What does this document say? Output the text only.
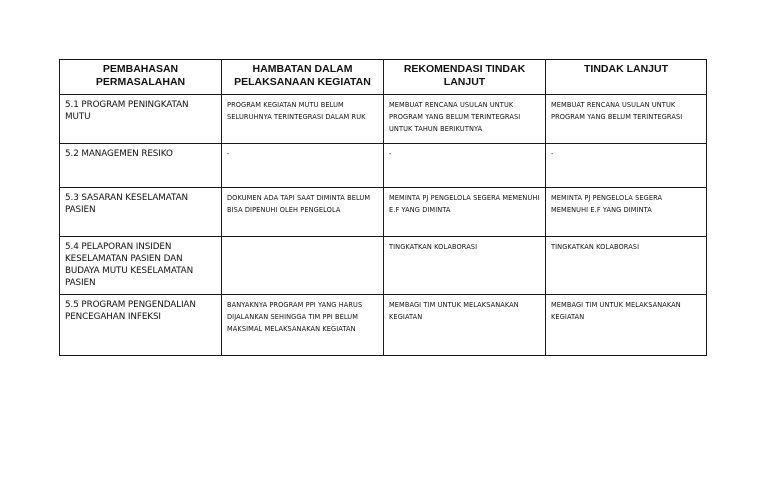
PEMBAHASAN PERMASALAHAN	HAMBATAN DALAM PELAKSANAAN KEGIATAN	REKOMENDASI TINDAK LANJUT	TINDAK LANJUT
5.1 PROGRAM PENINGKATAN MUTU	PROGRAM KEGIATAN MUTU BELUM SELURUHNYA TERINTEGRASI DALAM RUK	MEMBUAT RENCANA USULAN UNTUK PROGRAM YANG BELUM TERINTEGRASI UNTUK TAHUN BERIKUTNYA	MEMBUAT RENCANA USULAN UNTUK PROGRAM YANG BELUM TERINTEGRASI
5.2 MANAGEMEN RESIKO	-	-	-
5.3 SASARAN KESELAMATAN PASIEN	DOKUMEN ADA TAPI SAAT DIMINTA BELUM BISA DIPENUHI OLEH PENGELOLA	MEMINTA PJ PENGELOLA SEGERA MEMENUHI E.F YANG DIMINTA	MEMINTA PJ PENGELOLA SEGERA MEMENUHI E.F YANG DIMINTA
5.4 PELAPORAN INSIDEN KESELAMATAN PASIEN DAN BUDAYA MUTU KESELAMATAN PASIEN		TINGKATKAN KOLABORASI	TINGKATKAN KOLABORASI
5.5 PROGRAM PENGENDALIAN PENCEGAHAN INFEKSI	BANYAKNYA PROGRAM PPI YANG HARUS DIJALANKAN SEHINGGA TIM PPI BELUM MAKSIMAL MELAKSANAKAN KEGIATAN	MEMBAGI TIM UNTUK MELAKSANAKAN KEGIATAN	MEMBAGI TIM UNTUK MELAKSANAKAN KEGIATAN
